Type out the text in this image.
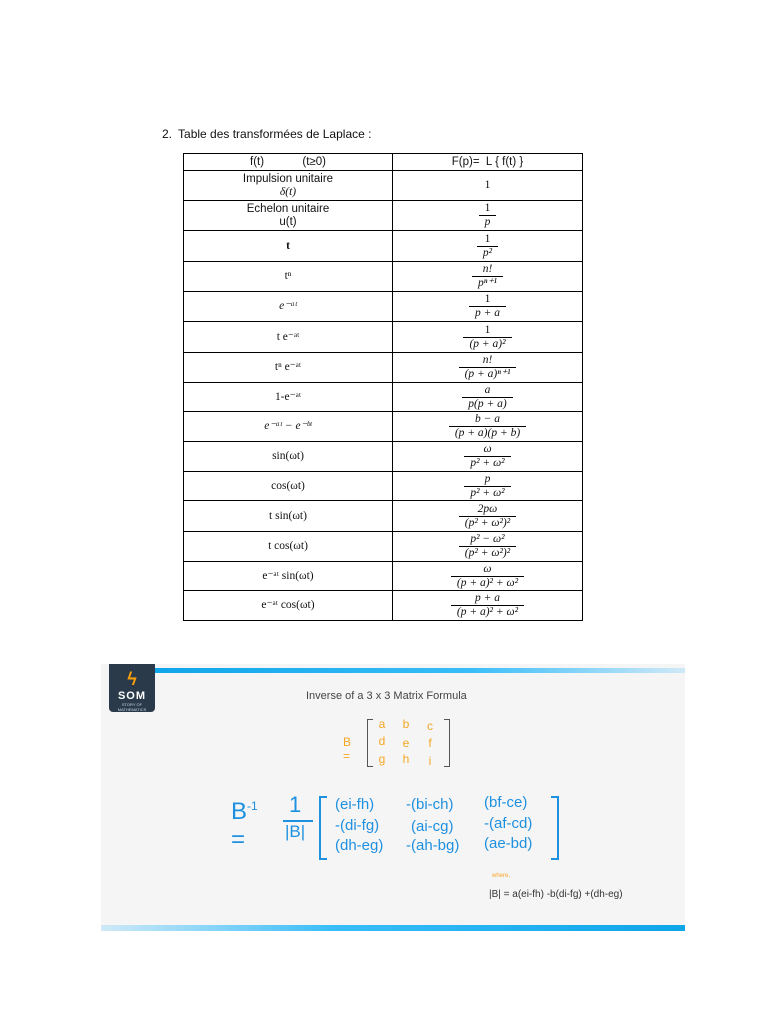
2. Table des transformées de Laplace :
f(t)            (t≥0)	F(p)=  L { f(t) }
Impulsion unitaire
δ(t)	1
Echelon unitaire
u(t)	$\frac{1}{p}$

t	$\frac{1}{\text{p²}}$

tⁿ	$\frac{n!}{\text{pⁿ⁺¹}}$

e⁻ᵃᵗ	$\frac{1}{p + a}$

t e⁻ᵃᵗ	$\frac{1}{\text{(p + a)²}}$

tⁿ e⁻ᵃᵗ	$\frac{n!}{\text{(p + a)ⁿ⁺¹}}$

1-e⁻ᵃᵗ	$\frac{a}{p(p + a)}$

e⁻ᵃᵗ − e⁻ᵇᵗ	$\frac{b - a}{(p + a)(p + b)}$

sin(ωt)	$\frac{\omega}{\text{p² + ω²}}$

cos(ωt)	$\frac{p}{\text{p² + ω²}}$

t sin(ωt)	$\frac{2p\omega}{\text{(p² + ω²)²}}$

t cos(ωt)	$\frac{\text{p² − ω²}}{\text{(p² + ω²)²}}$

e⁻ᵃᵗ sin(ωt)	$\frac{\omega}{\text{(p + a)² + ω²}}$

e⁻ᵃᵗ cos(ωt)	$\frac{p + a}{\text{(p + a)² + ω²}}$
ϟ
SOM
STORY OF MATHEMATICS
Inverse of a 3 x 3 Matrix Formula
B =
a	b	c
d	e	f
g	h	i
$B^{-1}$ =
1
|B|
(ei-fh) -(bi-ch) (bf-ce)
-(di-fg) (ai-cg) -(af-cd)
(dh-eg) -(ah-bg) (ae-bd)
where,
|B| = a(ei-fh) -b(di-fg) +(dh-eg)
